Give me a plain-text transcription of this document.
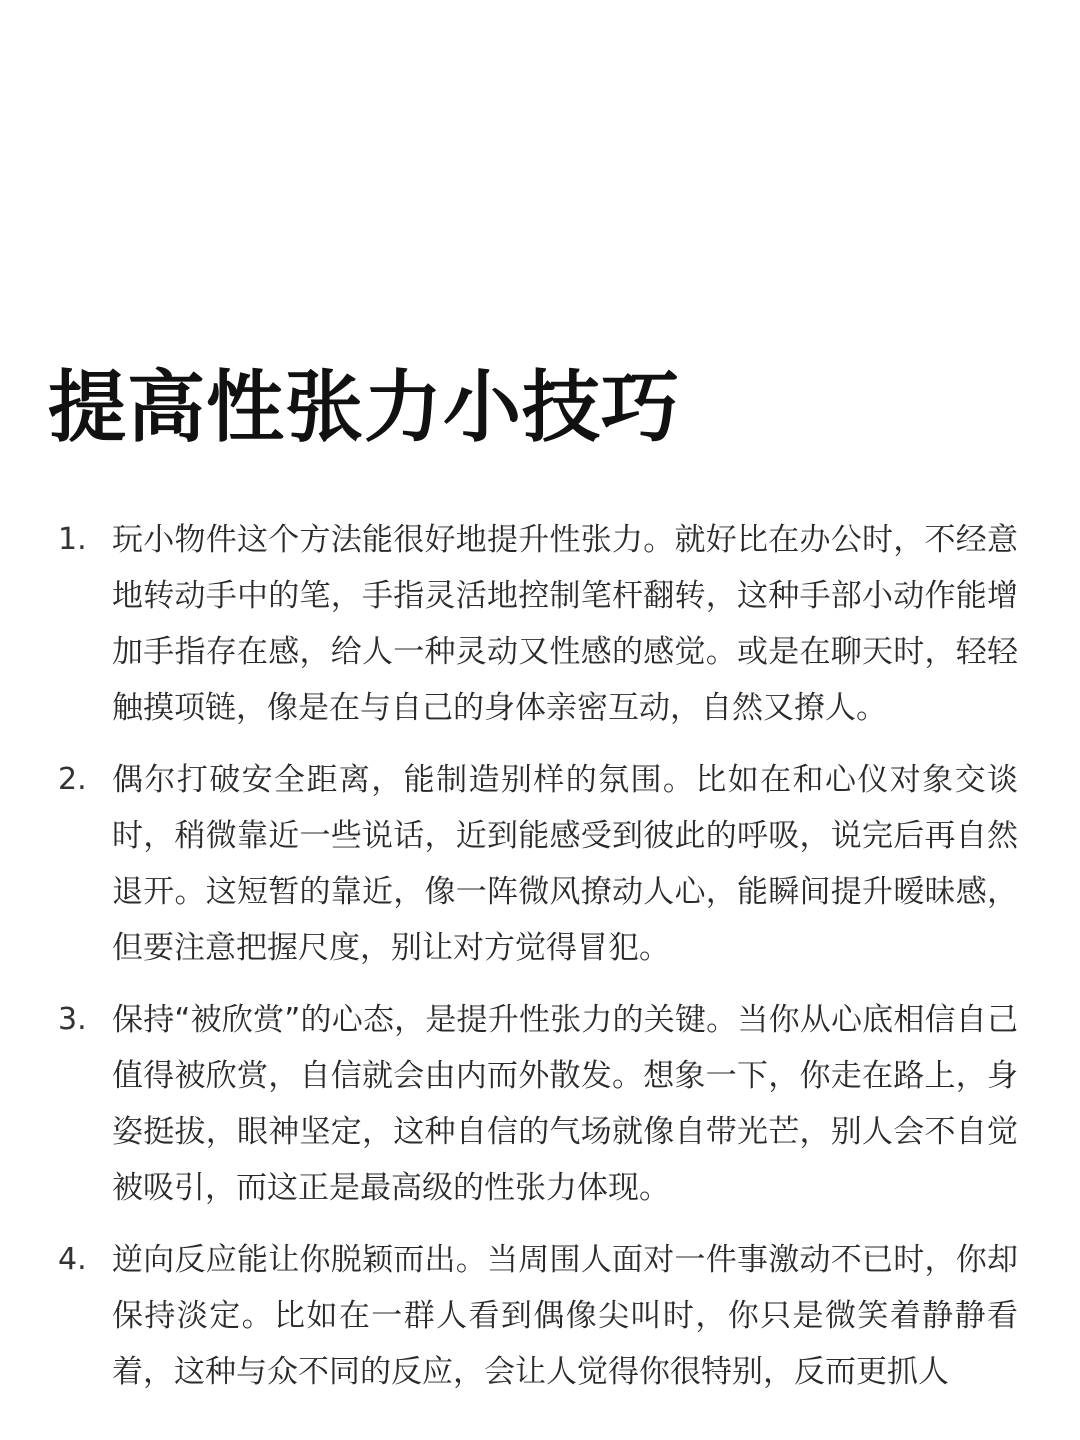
提高性张力小技巧
1. 玩小物件这个方法能很好地提升性张力。就好比在办公时，不经意地转动手中的笔，手指灵活地控制笔杆翻转，这种手部小动作能增加手指存在感，给人一种灵动又性感的感觉。或是在聊天时，轻轻触摸项链，像是在与自己的身体亲密互动，自然又撩人。
2. 偶尔打破安全距离，能制造别样的氛围。比如在和心仪对象交谈时，稍微靠近一些说话，近到能感受到彼此的呼吸，说完后再自然退开。这短暂的靠近，像一阵微风撩动人心，能瞬间提升暧昧感，但要注意把握尺度，别让对方觉得冒犯。
3. 保持“被欣赏”的心态，是提升性张力的关键。当你从心底相信自己值得被欣赏，自信就会由内而外散发。想象一下，你走在路上，身姿挺拔，眼神坚定，这种自信的气场就像自带光芒，别人会不自觉被吸引，而这正是最高级的性张力体现。
4. 逆向反应能让你脱颖而出。当周围人面对一件事激动不已时，你却保持淡定。比如在一群人看到偶像尖叫时，你只是微笑着静静看着，这种与众不同的反应，会让人觉得你很特别，反而更抓人
